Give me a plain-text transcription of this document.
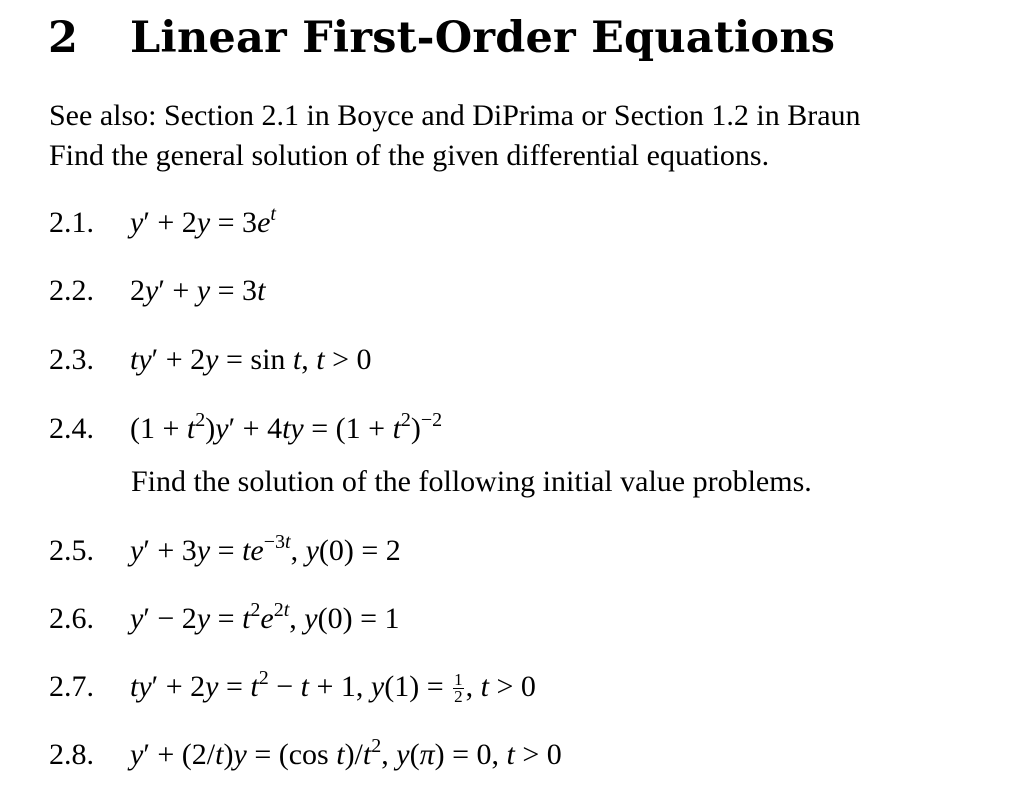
2 Linear First-Order Equations
See also: Section 2.1 in Boyce and DiPrima or Section 1.2 in Braun
Find the general solution of the given differential equations.
2.1. $y' + 2y = 3e^t$
2.2. 2y′ + y = 3t
2.3. ty′ + 2y = sin t, t > 0
2.4. $(1 + t^2)y' + 4ty = (1 + t^2)^{-2}$
Find the solution of the following initial value problems.
2.5. $y' + 3y = te^{-3t}$, y(0) = 2
2.6. $y' - 2y = t^2e^{2t}$, y(0) = 1
2.7. $ty' + 2y = t^2 - t + 1$, $y(1) = \frac{1}{2}$ , t > 0
2.8. y′ + (2/t)y = (cos $t)/t^2$, y(π) = 0, t > 0
